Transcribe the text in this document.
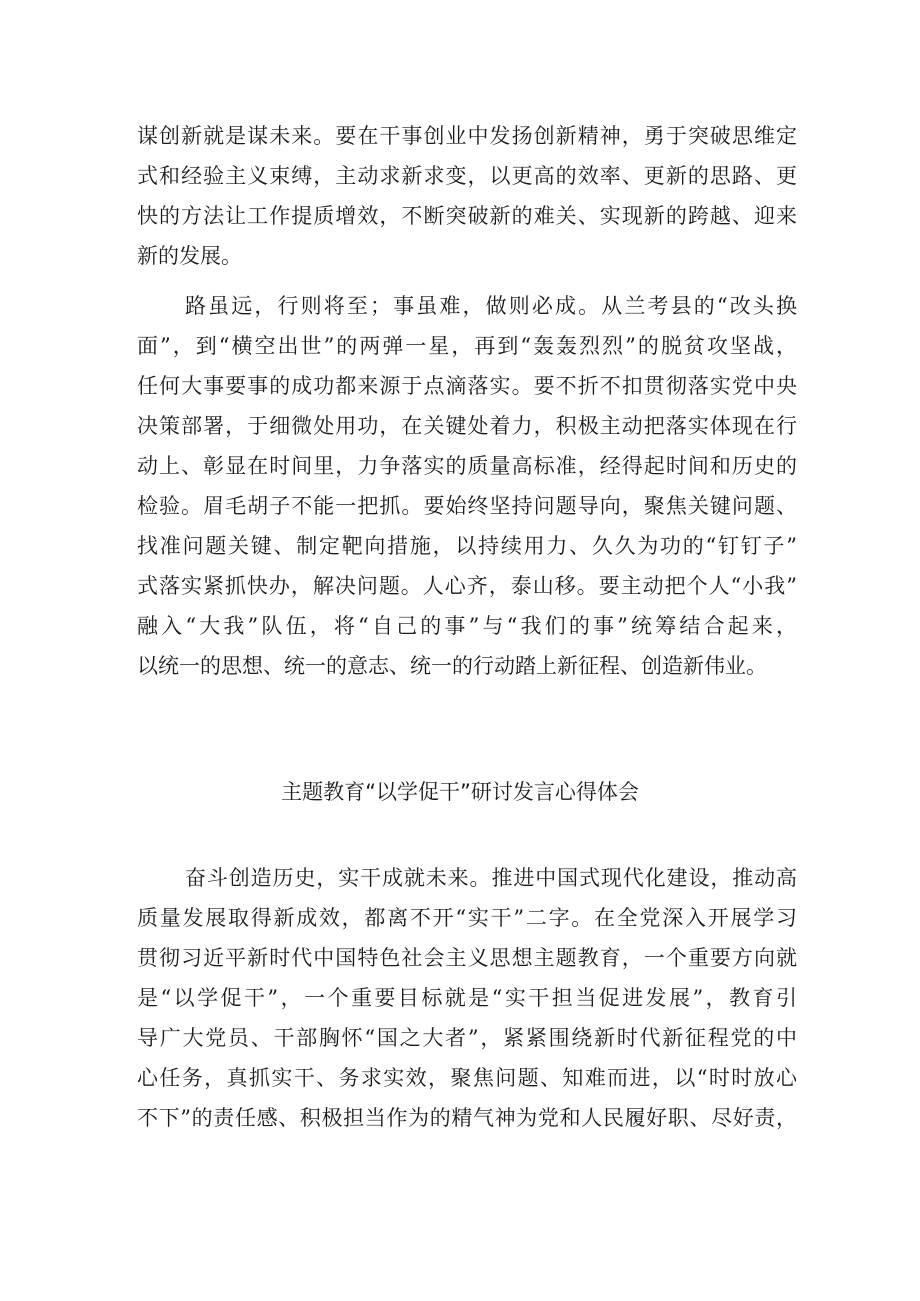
谋创新就是谋未来。要在干事创业中发扬创新精神，勇于突破思维定
式和经验主义束缚，主动求新求变，以更高的效率、更新的思路、更
快的方法让工作提质增效，不断突破新的难关、实现新的跨越、迎来
新的发展。
路虽远，行则将至；事虽难，做则必成。从兰考县的“改头换
面”，到“横空出世”的两弹一星，再到“轰轰烈烈”的脱贫攻坚战，
任何大事要事的成功都来源于点滴落实。要不折不扣贯彻落实党中央
决策部署，于细微处用功，在关键处着力，积极主动把落实体现在行
动上、彰显在时间里，力争落实的质量高标准，经得起时间和历史的
检验。眉毛胡子不能一把抓。要始终坚持问题导向，聚焦关键问题、
找准问题关键、制定靶向措施，以持续用力、久久为功的“钉钉子”
式落实紧抓快办，解决问题。人心齐，泰山移。要主动把个人“小我”
融入“大我”队伍，将“自己的事”与“我们的事”统筹结合起来，
以统一的思想、统一的意志、统一的行动踏上新征程、创造新伟业。
主题教育“以学促干”研讨发言心得体会
奋斗创造历史，实干成就未来。推进中国式现代化建设，推动高
质量发展取得新成效，都离不开“实干”二字。在全党深入开展学习
贯彻习近平新时代中国特色社会主义思想主题教育，一个重要方向就
是“以学促干”，一个重要目标就是“实干担当促进发展”，教育引
导广大党员、干部胸怀“国之大者”，紧紧围绕新时代新征程党的中
心任务，真抓实干、务求实效，聚焦问题、知难而进，以“时时放心
不下”的责任感、积极担当作为的精气神为党和人民履好职、尽好责，
